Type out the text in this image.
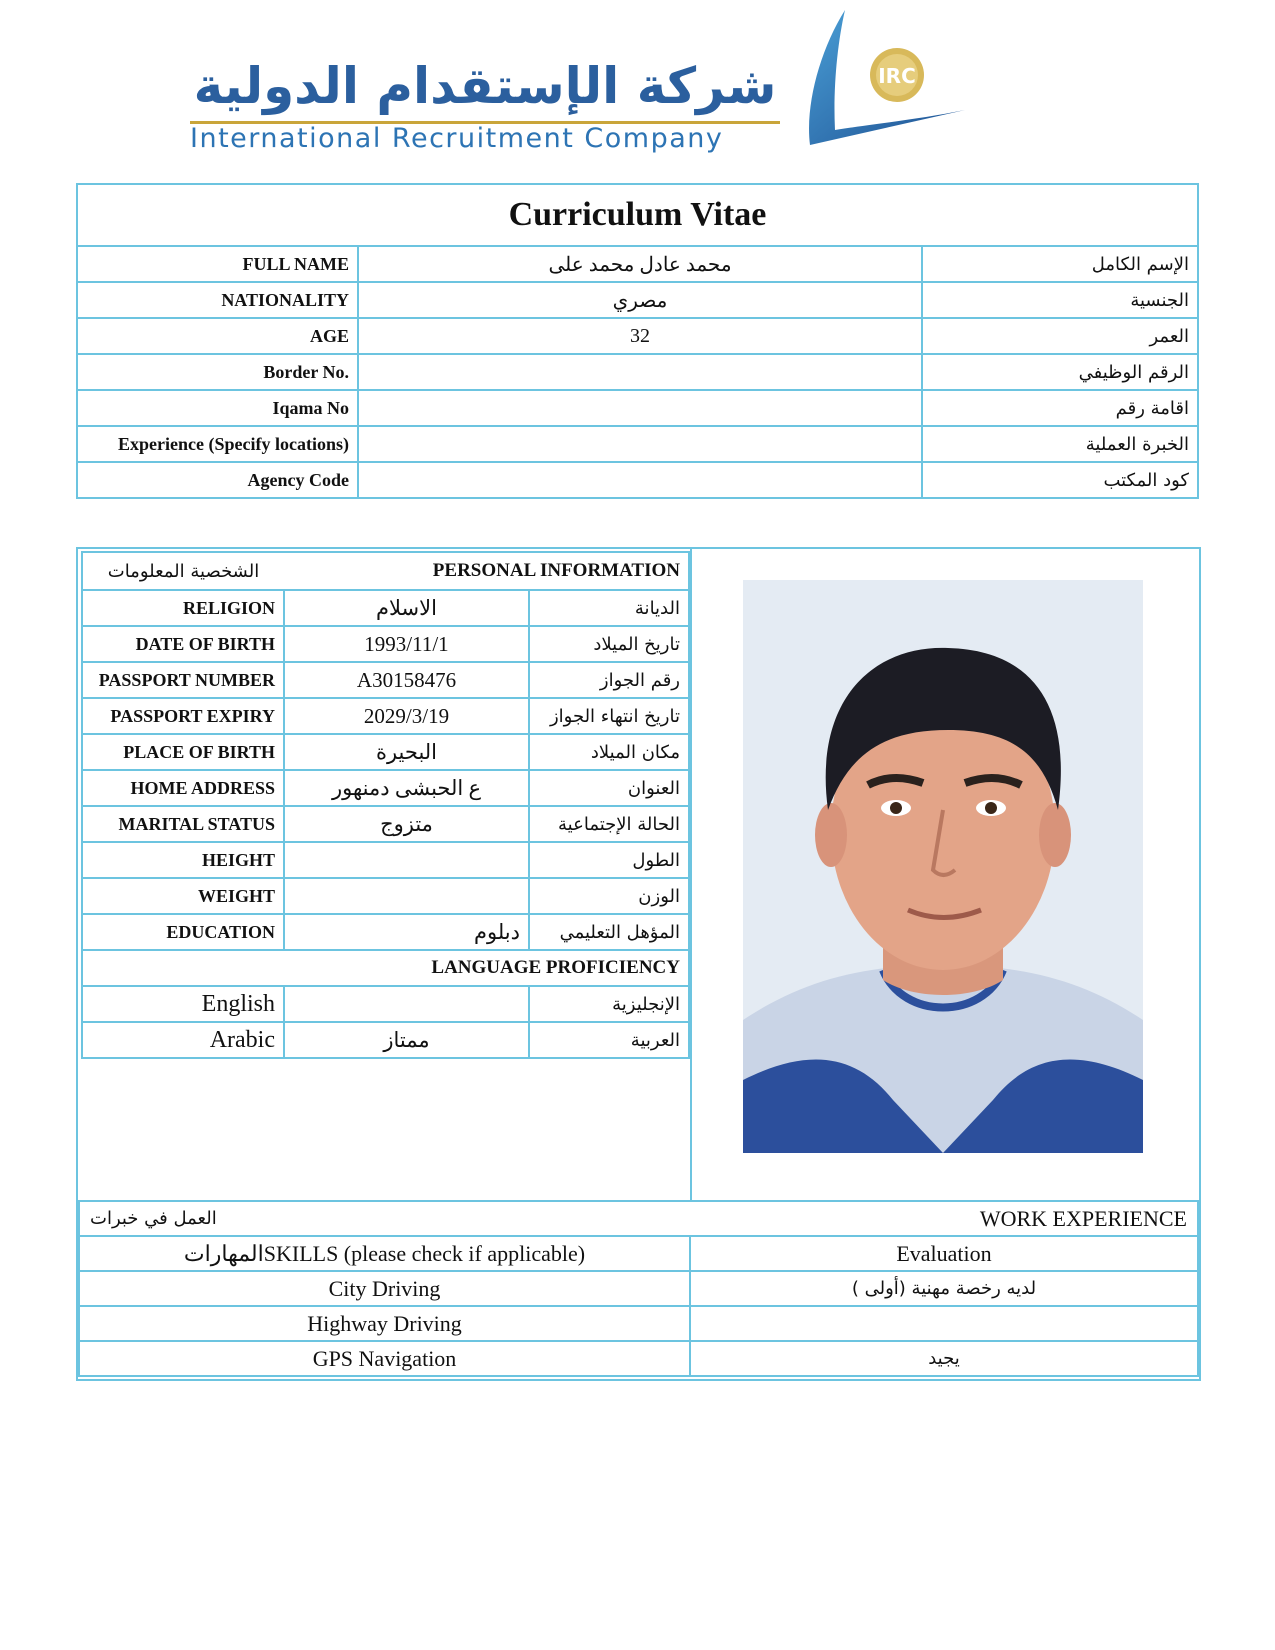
شركة الإستقدام الدولية
International Recruitment Company
IRC
Curriculum Vitae		
FULL NAME	محمد عادل محمد على	الإسم الكامل
NATIONALITY	مصري	الجنسية
AGE	32	العمر
Border No.		الرقم الوظيفي
Iqama No		اقامة رقم
Experience (Specify locations)		الخبرة العملية
Agency Code		كود المكتب
الشخصية المعلومات	PERSONAL INFORMATION	
RELIGION	الاسلام	الديانة
DATE OF BIRTH	1993/11/1	تاريخ الميلاد
PASSPORT NUMBER	A30158476	رقم الجواز
PASSPORT EXPIRY	2029/3/19	تاريخ انتهاء الجواز
PLACE OF BIRTH	البحيرة	مكان الميلاد
HOME ADDRESS	ع الحبشى دمنهور	العنوان
MARITAL STATUS	متزوج	الحالة الإجتماعية
HEIGHT		الطول
WEIGHT		الوزن
EDUCATION	دبلوم	المؤهل التعليمي
LANGUAGE PROFICIENCY		
English		الإنجليزية
Arabic	ممتاز	العربية
العمل في خبرات	WORK EXPERIENCE
المهاراتSKILLS (please check if applicable)	Evaluation
City Driving	لديه رخصة مهنية (أولى )
Highway Driving	
GPS Navigation	يجيد
